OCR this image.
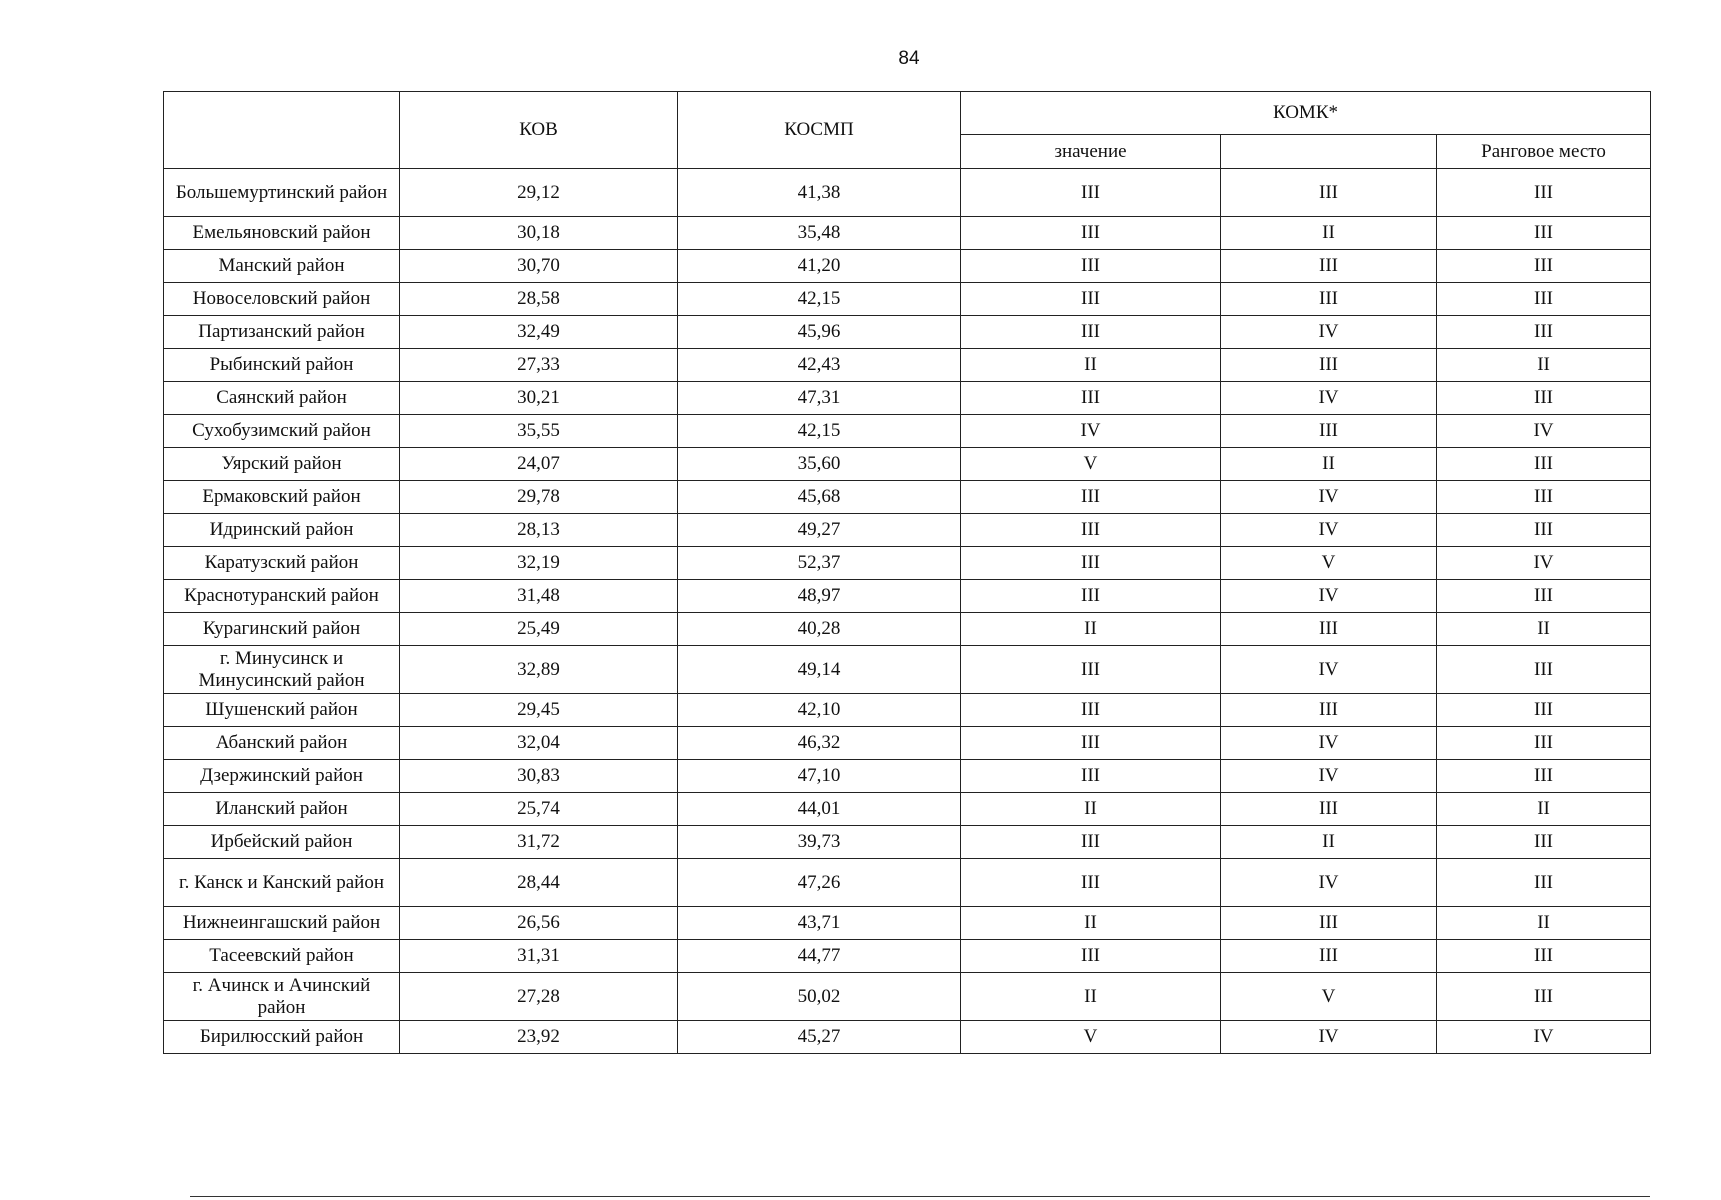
84
	КОВ	КОСМП	КОМК*		
			значение		Ранговое место
Большемуртинский район	29,12	41,38	III	III	III
Емельяновский район	30,18	35,48	III	II	III
Манский район	30,70	41,20	III	III	III
Новоселовский район	28,58	42,15	III	III	III
Партизанский район	32,49	45,96	III	IV	III
Рыбинский район	27,33	42,43	II	III	II
Саянский район	30,21	47,31	III	IV	III
Сухобузимский район	35,55	42,15	IV	III	IV
Уярский район	24,07	35,60	V	II	III
Ермаковский район	29,78	45,68	III	IV	III
Идринский район	28,13	49,27	III	IV	III
Каратузский район	32,19	52,37	III	V	IV
Краснотуранский район	31,48	48,97	III	IV	III
Курагинский район	25,49	40,28	II	III	II
г. Минусинск и Минусинский район	32,89	49,14	III	IV	III
Шушенский район	29,45	42,10	III	III	III
Абанский район	32,04	46,32	III	IV	III
Дзержинский район	30,83	47,10	III	IV	III
Иланский район	25,74	44,01	II	III	II
Ирбейский район	31,72	39,73	III	II	III
г. Канск и Канский район	28,44	47,26	III	IV	III
Нижнеингашский район	26,56	43,71	II	III	II
Тасеевский район	31,31	44,77	III	III	III
г. Ачинск и Ачинский район	27,28	50,02	II	V	III
Бирилюсский район	23,92	45,27	V	IV	IV
